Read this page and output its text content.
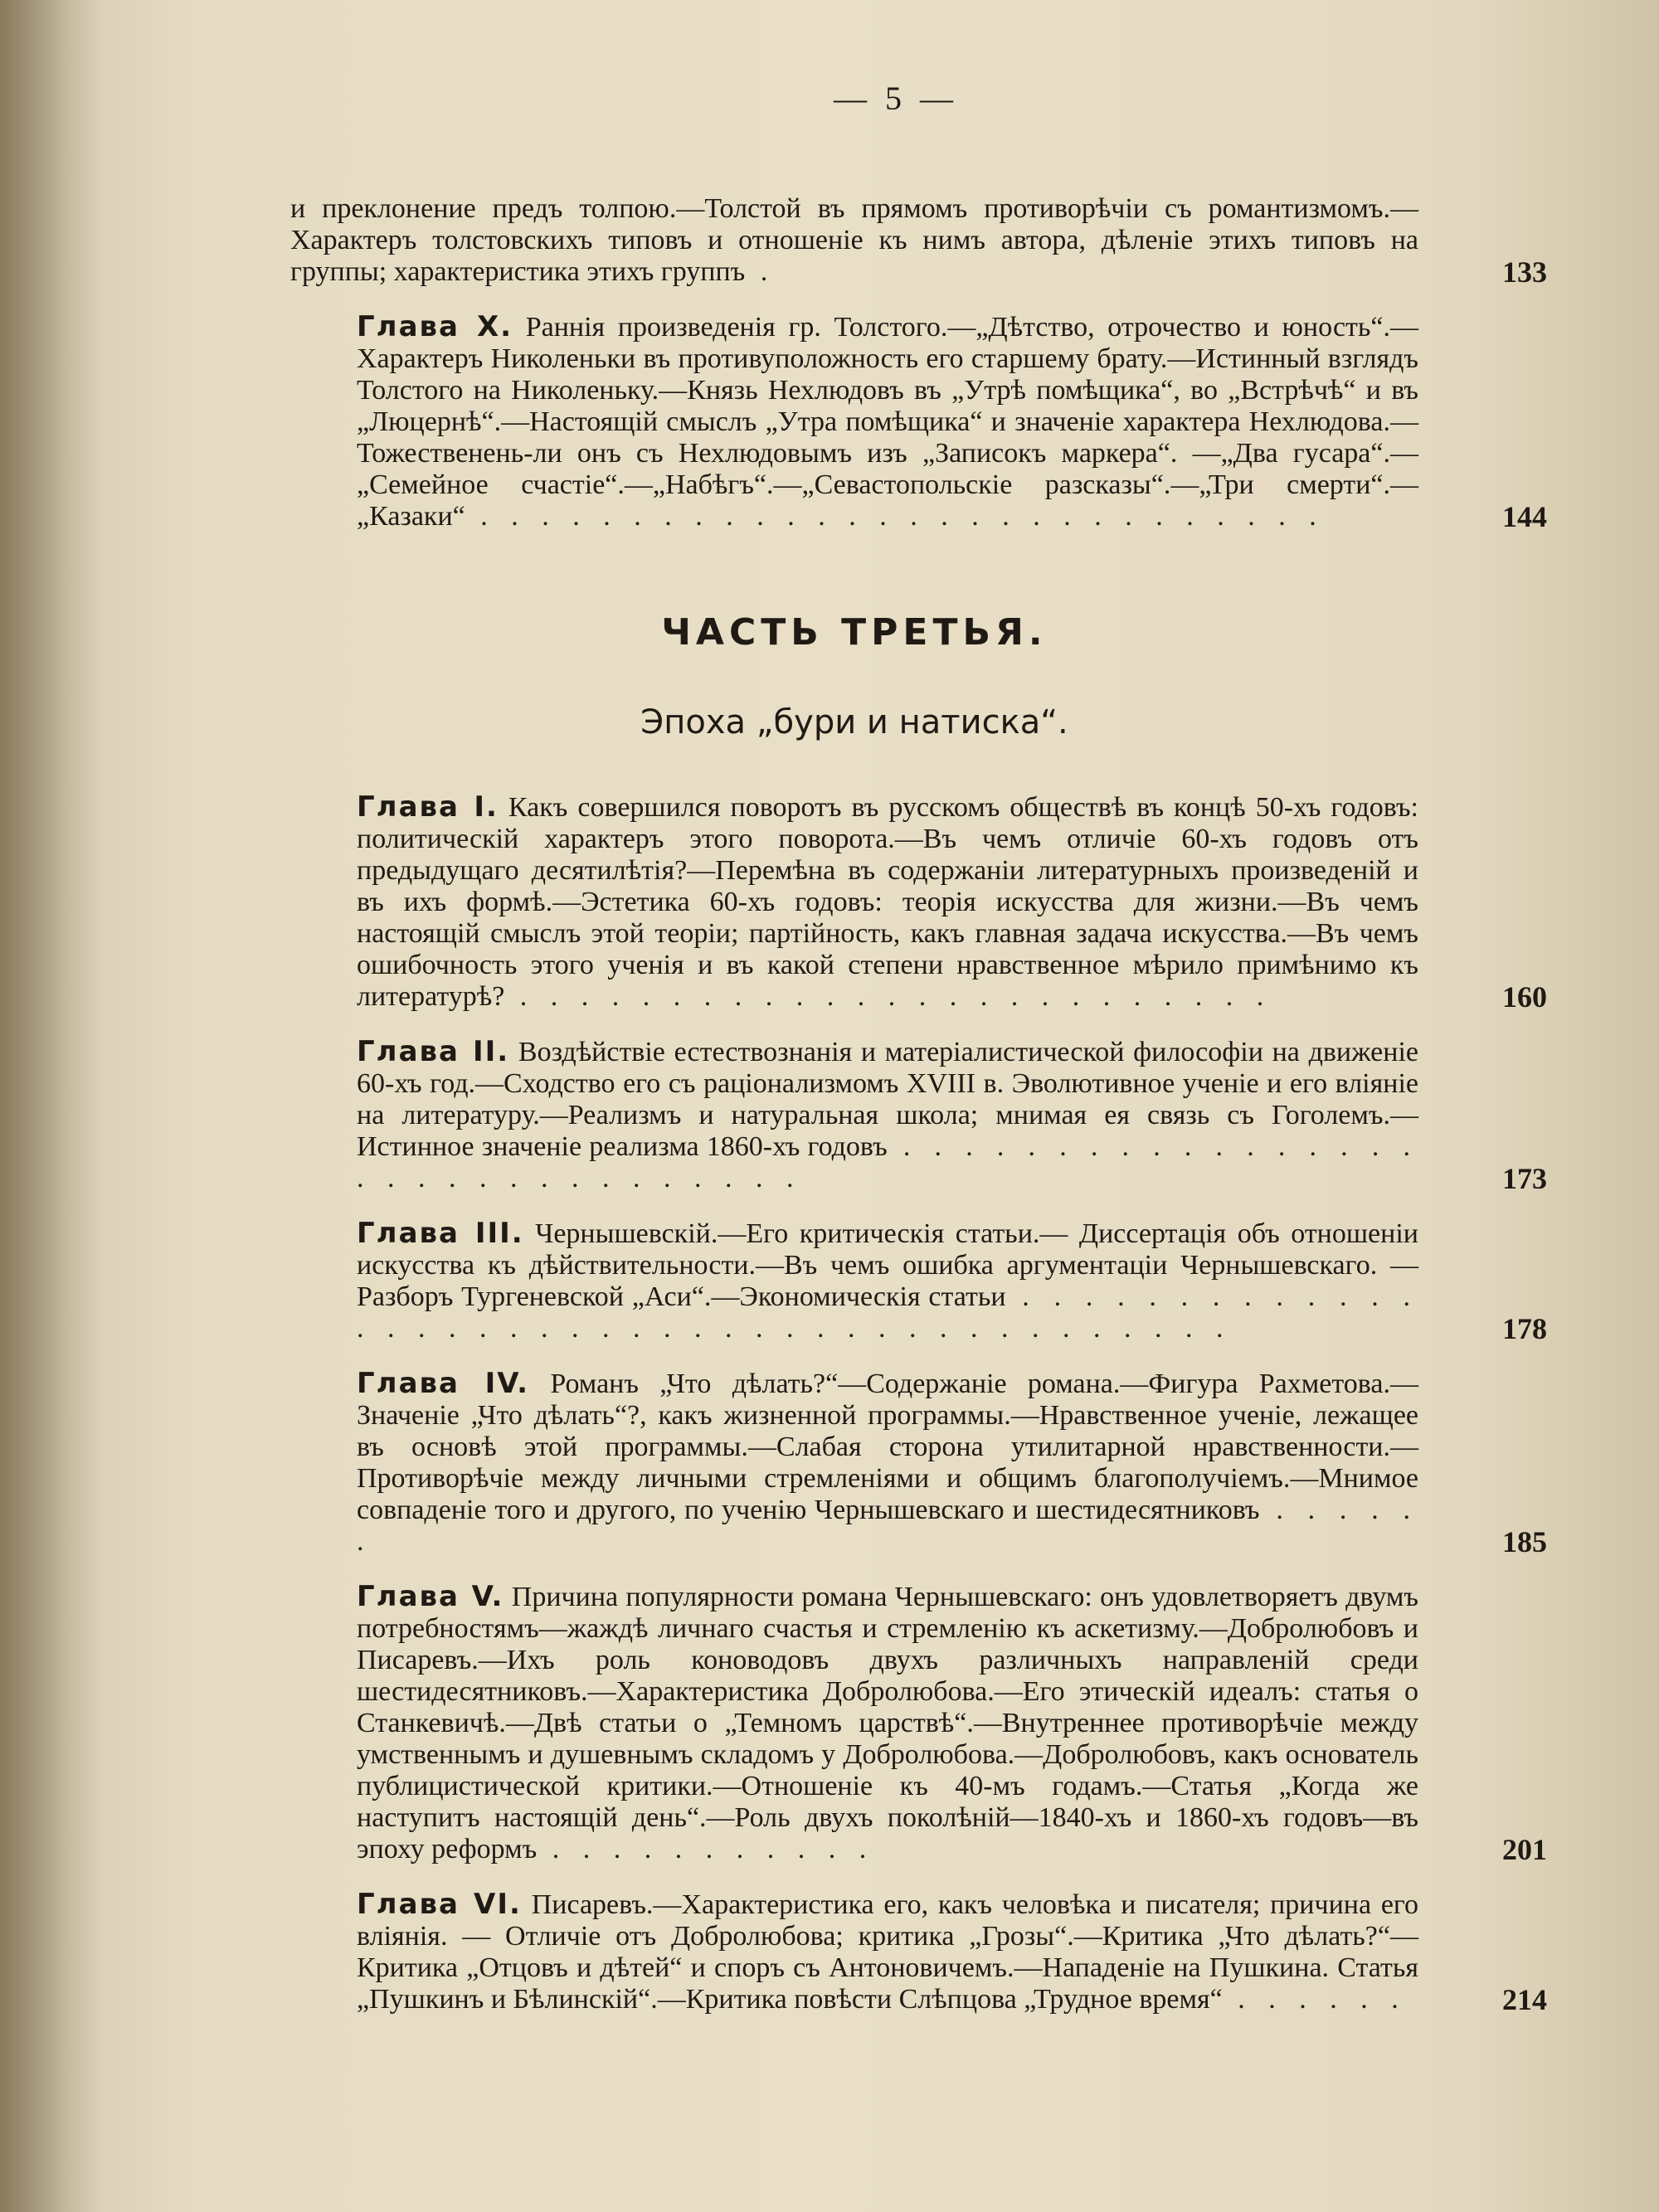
— 5 —
и преклонение предъ толпою.—Толстой въ прямомъ противорѣчіи съ романтизмомъ.—Характеръ толстовскихъ типовъ и отношеніе къ нимъ автора, дѣленіе этихъ типовъ на группы; характеристика этихъ группъ .	133
Глава X. Раннія произведенія гр. Толстого.—„Дѣтство, отрочество и юность“.—Характеръ Николеньки въ противуположность его старшему брату.—Истинный взглядъ Толстого на Николеньку.—Князь Нехлюдовъ въ „Утрѣ помѣщика“, во „Встрѣчѣ“ и въ „Люцернѣ“.—Настоящій смыслъ „Утра помѣщика“ и значеніе характера Нехлюдова.—Тожественень-ли онъ съ Нехлюдовымъ изъ „Записокъ маркера“. —„Два гусара“.— „Семейное счастіе“.—„Набѣгъ“.—„Севастопольскіе разсказы“.—„Три смерти“.—„Казаки“ . . . . . . . . . . . . . . . . . . . . . . . . . . . .	144
ЧАСТЬ ТРЕТЬЯ.
Эпоха „бури и натиска“.
Глава I. Какъ совершился поворотъ въ русскомъ обществѣ въ концѣ 50-хъ годовъ: политическій характеръ этого поворота.—Въ чемъ отличіе 60-хъ годовъ отъ предыдущаго десятилѣтія?—Перемѣна въ содержаніи литературныхъ произведеній и въ ихъ формѣ.—Эстетика 60-хъ годовъ: теорія искусства для жизни.—Въ чемъ настоящій смыслъ этой теоріи; партійность, какъ главная задача искусства.—Въ чемъ ошибочность этого ученія и въ какой степени нравственное мѣрило примѣнимо къ литературѣ? . . . . . . . . . . . . . . . . . . . . . . . . .	160
Глава II. Воздѣйствіе естествознанія и матеріалистической философіи на движеніе 60-хъ год.—Сходство его съ раціонализмомъ XVIII в. Эволютивное ученіе и его вліяніе на литературу.—Реализмъ и натуральная школа; мнимая ея связь съ Гоголемъ.—Истинное значеніе реализма 1860-хъ годовъ . . . . . . . . . . . . . . . . . . . . . . . . . . . . . . . .	173
Глава III. Чернышевскій.—Его критическія статьи.— Диссертація объ отношеніи искусства къ дѣйствительности.—Въ чемъ ошибка аргументаціи Чернышевскаго. — Разборъ Тургеневской „Аси“.—Экономическія статьи . . . . . . . . . . . . . . . . . . . . . . . . . . . . . . . . . . . . . . . . . .	178
Глава IV. Романъ „Что дѣлать?“—Содержаніе романа.—Фигура Рахметова.—Значеніе „Что дѣлать“?, какъ жизненной программы.—Нравственное ученіе, лежащее въ основѣ этой программы.—Слабая сторона утилитарной нравственности.—Противорѣчіе между личными стремленіями и общимъ благополучіемъ.—Мнимое совпаденіе того и другого, по ученію Чернышевскаго и шестидесятниковъ . . . . . .	185
Глава V. Причина популярности романа Чернышевскаго: онъ удовлетворяетъ двумъ потребностямъ—жаждѣ личнаго счастья и стремленію къ аскетизму.—Добролюбовъ и Писаревъ.—Ихъ роль коноводовъ двухъ различныхъ направленій среди шестидесятниковъ.—Характеристика Добролюбова.—Его этическій идеалъ: статья о Станкевичѣ.—Двѣ статьи о „Темномъ царствѣ“.—Внутреннее противорѣчіе между умственнымъ и душевнымъ складомъ у Добролюбова.—Добролюбовъ, какъ основатель публицистической критики.—Отношеніе къ 40-мъ годамъ.—Статья „Когда же наступитъ настоящій день“.—Роль двухъ поколѣній—1840-хъ и 1860-хъ годовъ—въ эпоху реформъ . . . . . . . . . . .	201
Глава VI. Писаревъ.—Характеристика его, какъ человѣка и писателя; причина его вліянія. — Отличіе отъ Добролюбова; критика „Грозы“.—Критика „Что дѣлать?“—Критика „Отцовъ и дѣтей“ и споръ съ Антоновичемъ.—Нападеніе на Пушкина. Статья „Пушкинъ и Бѣлинскій“.—Критика повѣсти Слѣпцова „Трудное время“ . . . . . .	214
